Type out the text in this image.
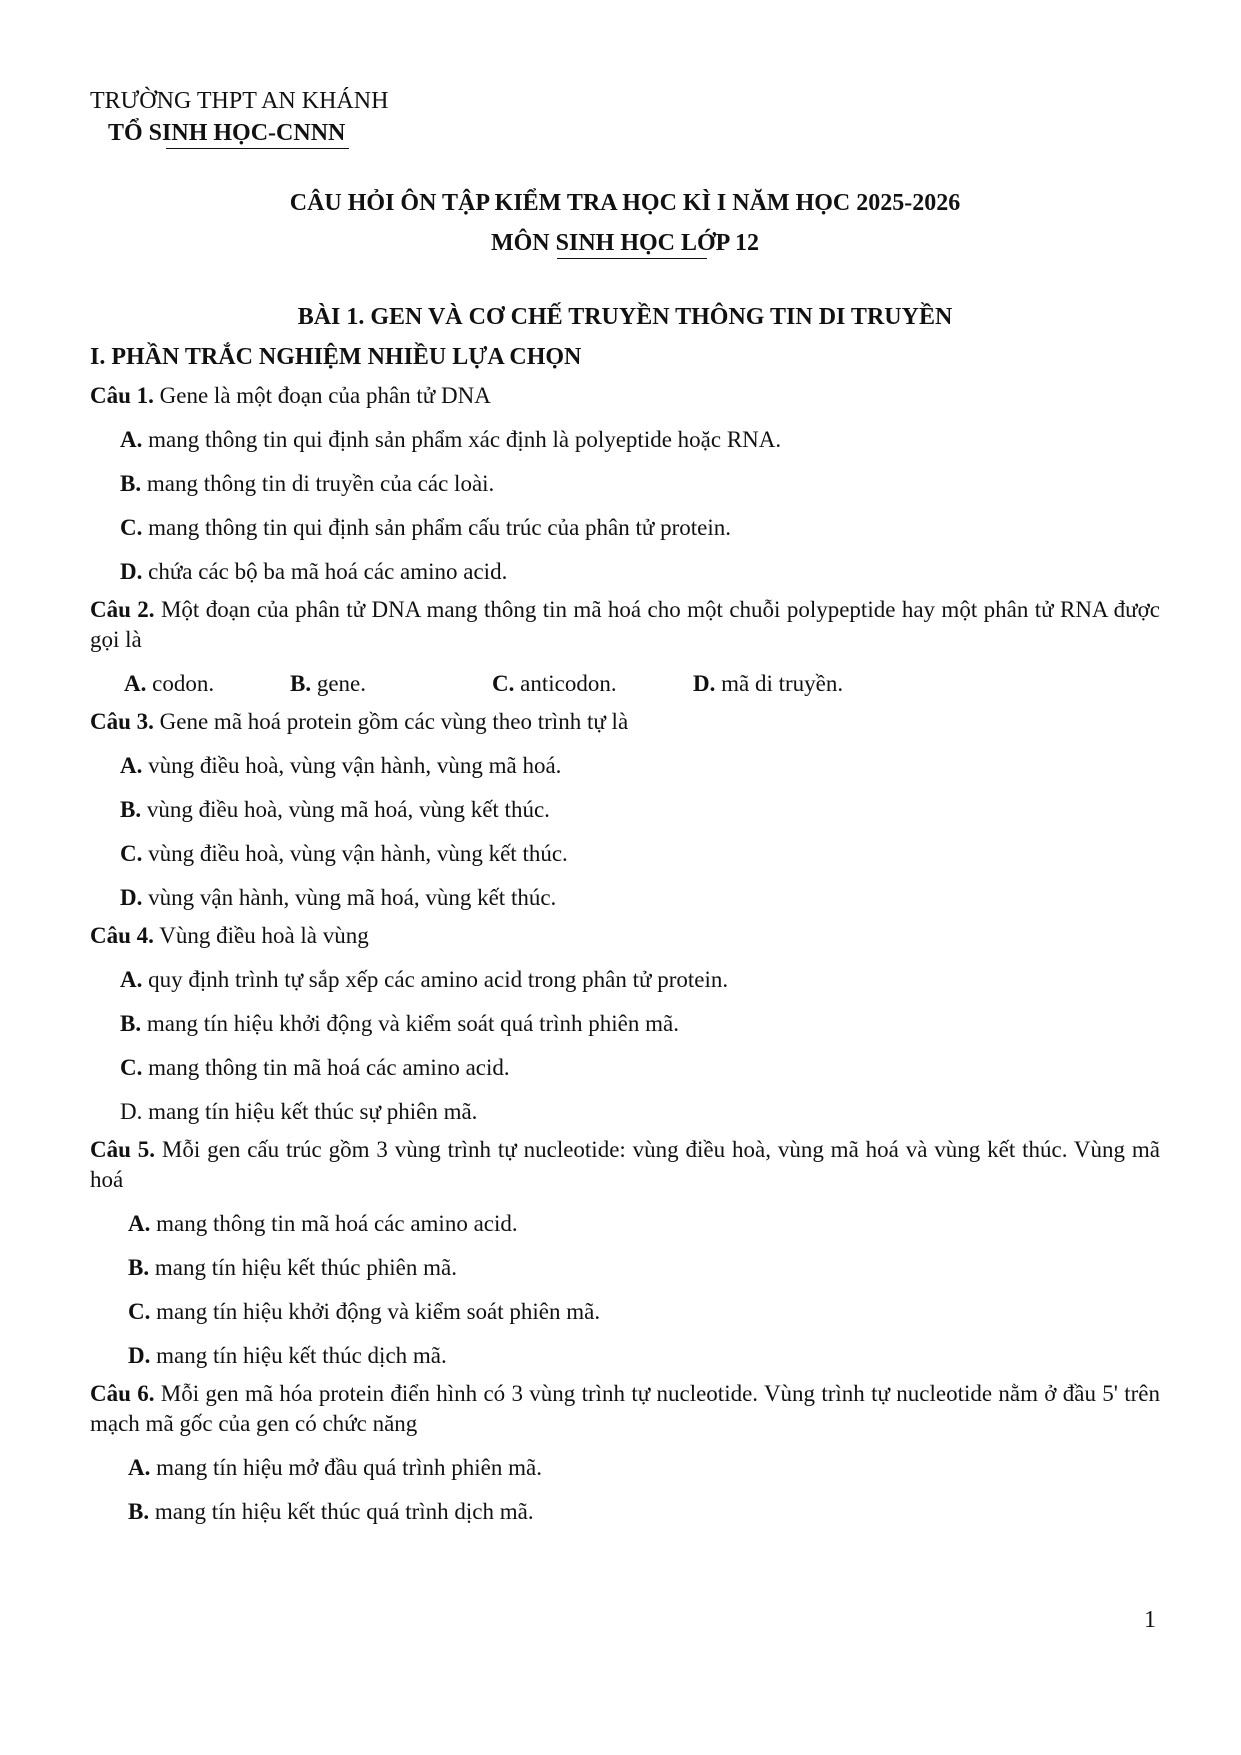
TRƯỜNG THPT AN KHÁNH
TỔ SINH HỌC-CNNN
CÂU HỎI ÔN TẬP KIỂM TRA HỌC KÌ I NĂM HỌC 2025-2026
MÔN SINH HỌC LỚP 12
BÀI 1. GEN VÀ CƠ CHẾ TRUYỀN THÔNG TIN DI TRUYỀN
I. PHẦN TRẮC NGHIỆM NHIỀU LỰA CHỌN
Câu 1. Gene là một đoạn của phân tử DNA
A. mang thông tin qui định sản phẩm xác định là polyeptide hoặc RNA.
B. mang thông tin di truyền của các loài.
C. mang thông tin qui định sản phẩm cấu trúc của phân tử protein.
D. chứa các bộ ba mã hoá các amino acid.
Câu 2. Một đoạn của phân tử DNA mang thông tin mã hoá cho một chuỗi polypeptide hay một phân tử RNA được gọi là
A. codon.	B. gene.	C. anticodon.	D. mã di truyền.
Câu 3. Gene mã hoá protein gồm các vùng theo trình tự là
A. vùng điều hoà, vùng vận hành, vùng mã hoá.
B. vùng điều hoà, vùng mã hoá, vùng kết thúc.
C. vùng điều hoà, vùng vận hành, vùng kết thúc.
D. vùng vận hành, vùng mã hoá, vùng kết thúc.
Câu 4. Vùng điều hoà là vùng
A. quy định trình tự sắp xếp các amino acid trong phân tử protein.
B. mang tín hiệu khởi động và kiểm soát quá trình phiên mã.
C. mang thông tin mã hoá các amino acid.
D. mang tín hiệu kết thúc sự phiên mã.
Câu 5. Mỗi gen cấu trúc gồm 3 vùng trình tự nucleotide: vùng điều hoà, vùng mã hoá và vùng kết thúc. Vùng mã hoá
A. mang thông tin mã hoá các amino acid.
B. mang tín hiệu kết thúc phiên mã.
C. mang tín hiệu khởi động và kiểm soát phiên mã.
D. mang tín hiệu kết thúc dịch mã.
Câu 6. Mỗi gen mã hóa protein điển hình có 3 vùng trình tự nucleotide. Vùng trình tự nucleotide nằm ở đầu 5' trên mạch mã gốc của gen có chức năng
A. mang tín hiệu mở đầu quá trình phiên mã.
B. mang tín hiệu kết thúc quá trình dịch mã.
1
